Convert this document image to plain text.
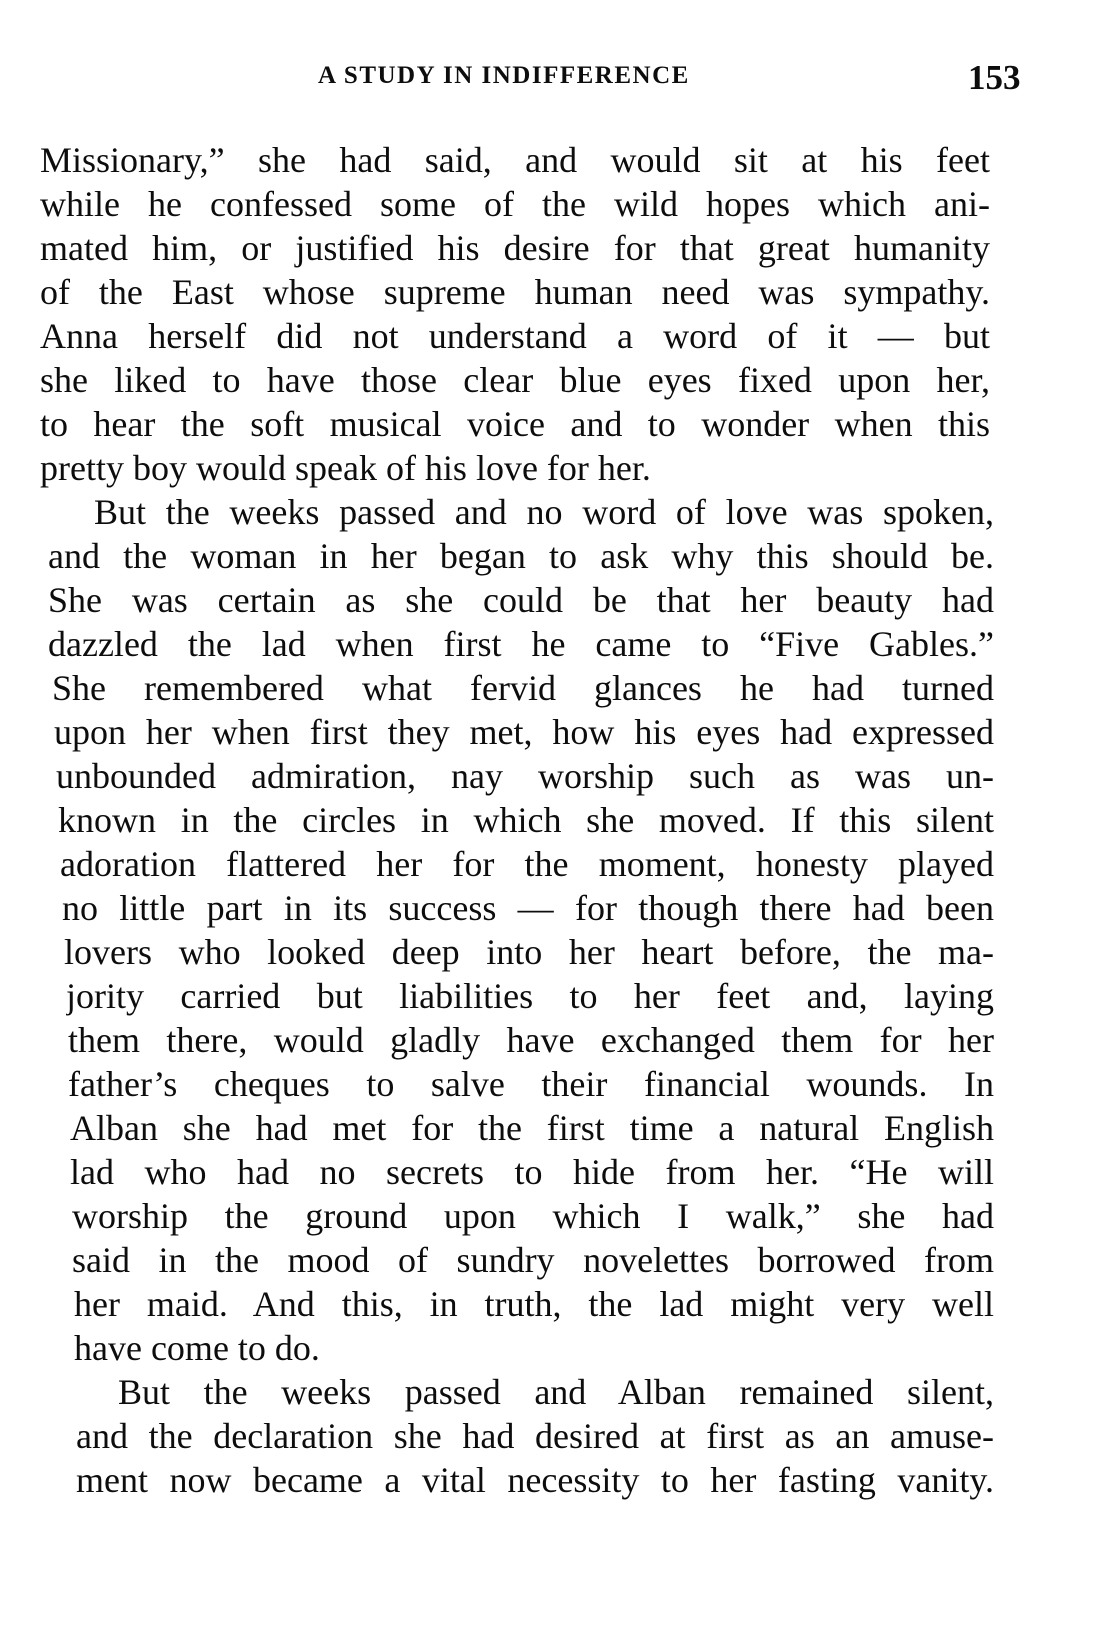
A STUDY IN INDIFFERENCE	153
Missionary,” she had said, and would sit at his feet
while he confessed some of the wild hopes which ani-
mated him, or justified his desire for that great humanity
of the East whose supreme human need was sympathy.
Anna herself did not understand a word of it — but
she liked to have those clear blue eyes fixed upon her,
to hear the soft musical voice and to wonder when this
pretty boy would speak of his love for her.
But the weeks passed and no word of love was spoken,
and the woman in her began to ask why this should be.
She was certain as she could be that her beauty had
dazzled the lad when first he came to “Five Gables.”
She remembered what fervid glances he had turned
upon her when first they met, how his eyes had expressed
unbounded admiration, nay worship such as was un-
known in the circles in which she moved. If this silent
adoration flattered her for the moment, honesty played
no little part in its success — for though there had been
lovers who looked deep into her heart before, the ma-
jority carried but liabilities to her feet and, laying
them there, would gladly have exchanged them for her
father’s cheques to salve their financial wounds. In
Alban she had met for the first time a natural English
lad who had no secrets to hide from her. “He will
worship the ground upon which I walk,” she had
said in the mood of sundry novelettes borrowed from
her maid. And this, in truth, the lad might very well
have come to do.
But the weeks passed and Alban remained silent,
and the declaration she had desired at first as an amuse-
ment now became a vital necessity to her fasting vanity.
